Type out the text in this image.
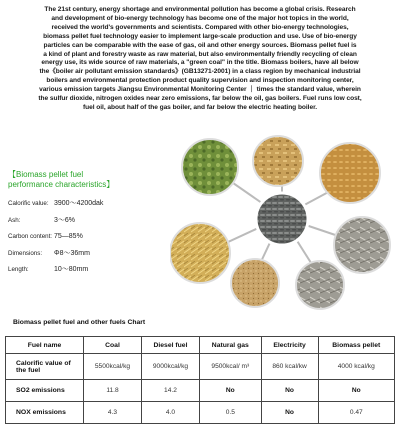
The 21st century, energy shortage and environmental pollution has become a global crisis. Research
and development of bio-energy technology has become one of the major hot topics in the world,
received the world's governments and scientists. Compared with other bio-energy technologies,
biomass pellet fuel technology easier to implement large-scale production and use. Use of bio-energy
particles can be comparable with the ease of gas, oil and other energy sources. Biomass pellet fuel is
a kind of plant and forestry waste as raw material, but also environmentally friendly recycling of clean
energy use, its wide source of raw materials, a "green coal" in the title. Biomass boilers, have all below
the《boiler air pollutant emission standards》(GB13271-2001) in a class region by mechanical industrial
boilers and environmental protection product quality supervision and inspection monitoring center,
various emission targets Jiangsu Environmental Monitoring Center ｜ times the standard value, wherein
the sulfur dioxide, nitrogen oxides near zero emissions, far below the oil, gas boilers. Fuel runs low cost,
fuel oil, about half of the gas boiler, and far below the electric heating boiler.
【Biomass pellet fuel
performance characteristics】
Calorific value: 3900～4200dak
Ash:	3～6%
Carbon content: 75—85%
Dimensions:	Φ8～36mm
Length:	10～80mm
Biomass pellet fuel and other fuels Chart
Fuel name	Coal	Diesel fuel	Natural gas	Electricity	Biomass pellet
Calorific value of the fuel	5500kcal/kg	9000kcal/kg	9500kcal/ m³	860 kcal/kw	4000 kcal/kg
SO2 emissions	11.8	14.2	No	No	No
NOX emissions	4.3	4.0	0.5	No	0.47
